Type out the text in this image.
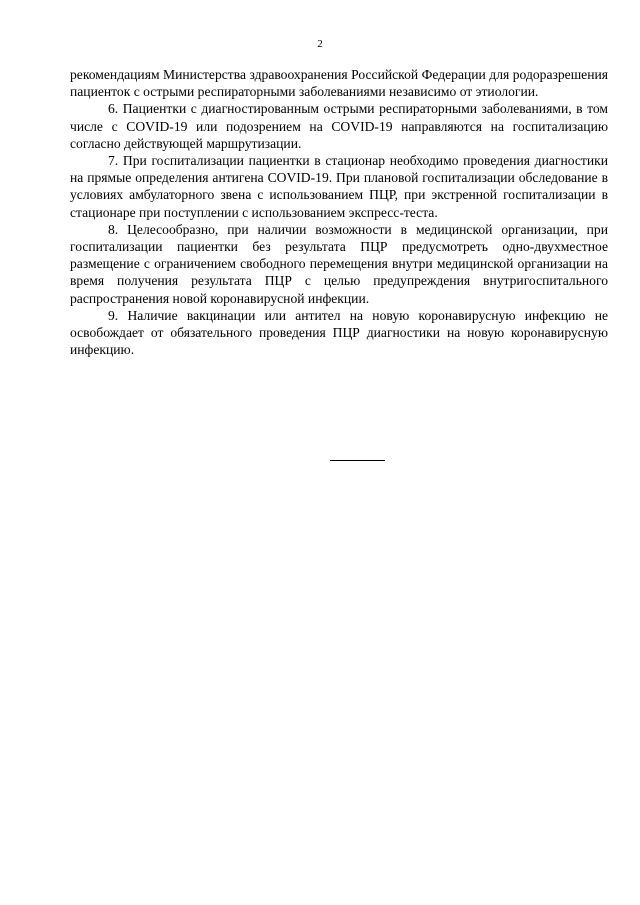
2

рекомендациям Министерства здравоохранения Российской Федерации для родоразрешения пациенток с острыми респираторными заболеваниями независимо от этиологии.

6. Пациентки с диагностированным острыми респираторными заболеваниями, в том числе с COVID-19 или подозрением на COVID-19 направляются на госпитализацию согласно действующей маршрутизации.

7. При госпитализации пациентки в стационар необходимо проведения диагностики на прямые определения антигена COVID-19. При плановой госпитализации обследование в условиях амбулаторного звена с использованием ПЦР, при экстренной госпитализации в стационаре при поступлении с использованием экспресс-теста.

8. Целесообразно, при наличии возможности в медицинской организации, при госпитализации пациентки без результата ПЦР предусмотреть одно-двухместное размещение с ограничением свободного перемещения внутри медицинской организации на время получения результата ПЦР с целью предупреждения внутригоспитального распространения новой коронавирусной инфекции.

9. Наличие вакцинации или антител на новую коронавирусную инфекцию не освобождает от обязательного проведения ПЦР диагностики на новую коронавирусную инфекцию.
